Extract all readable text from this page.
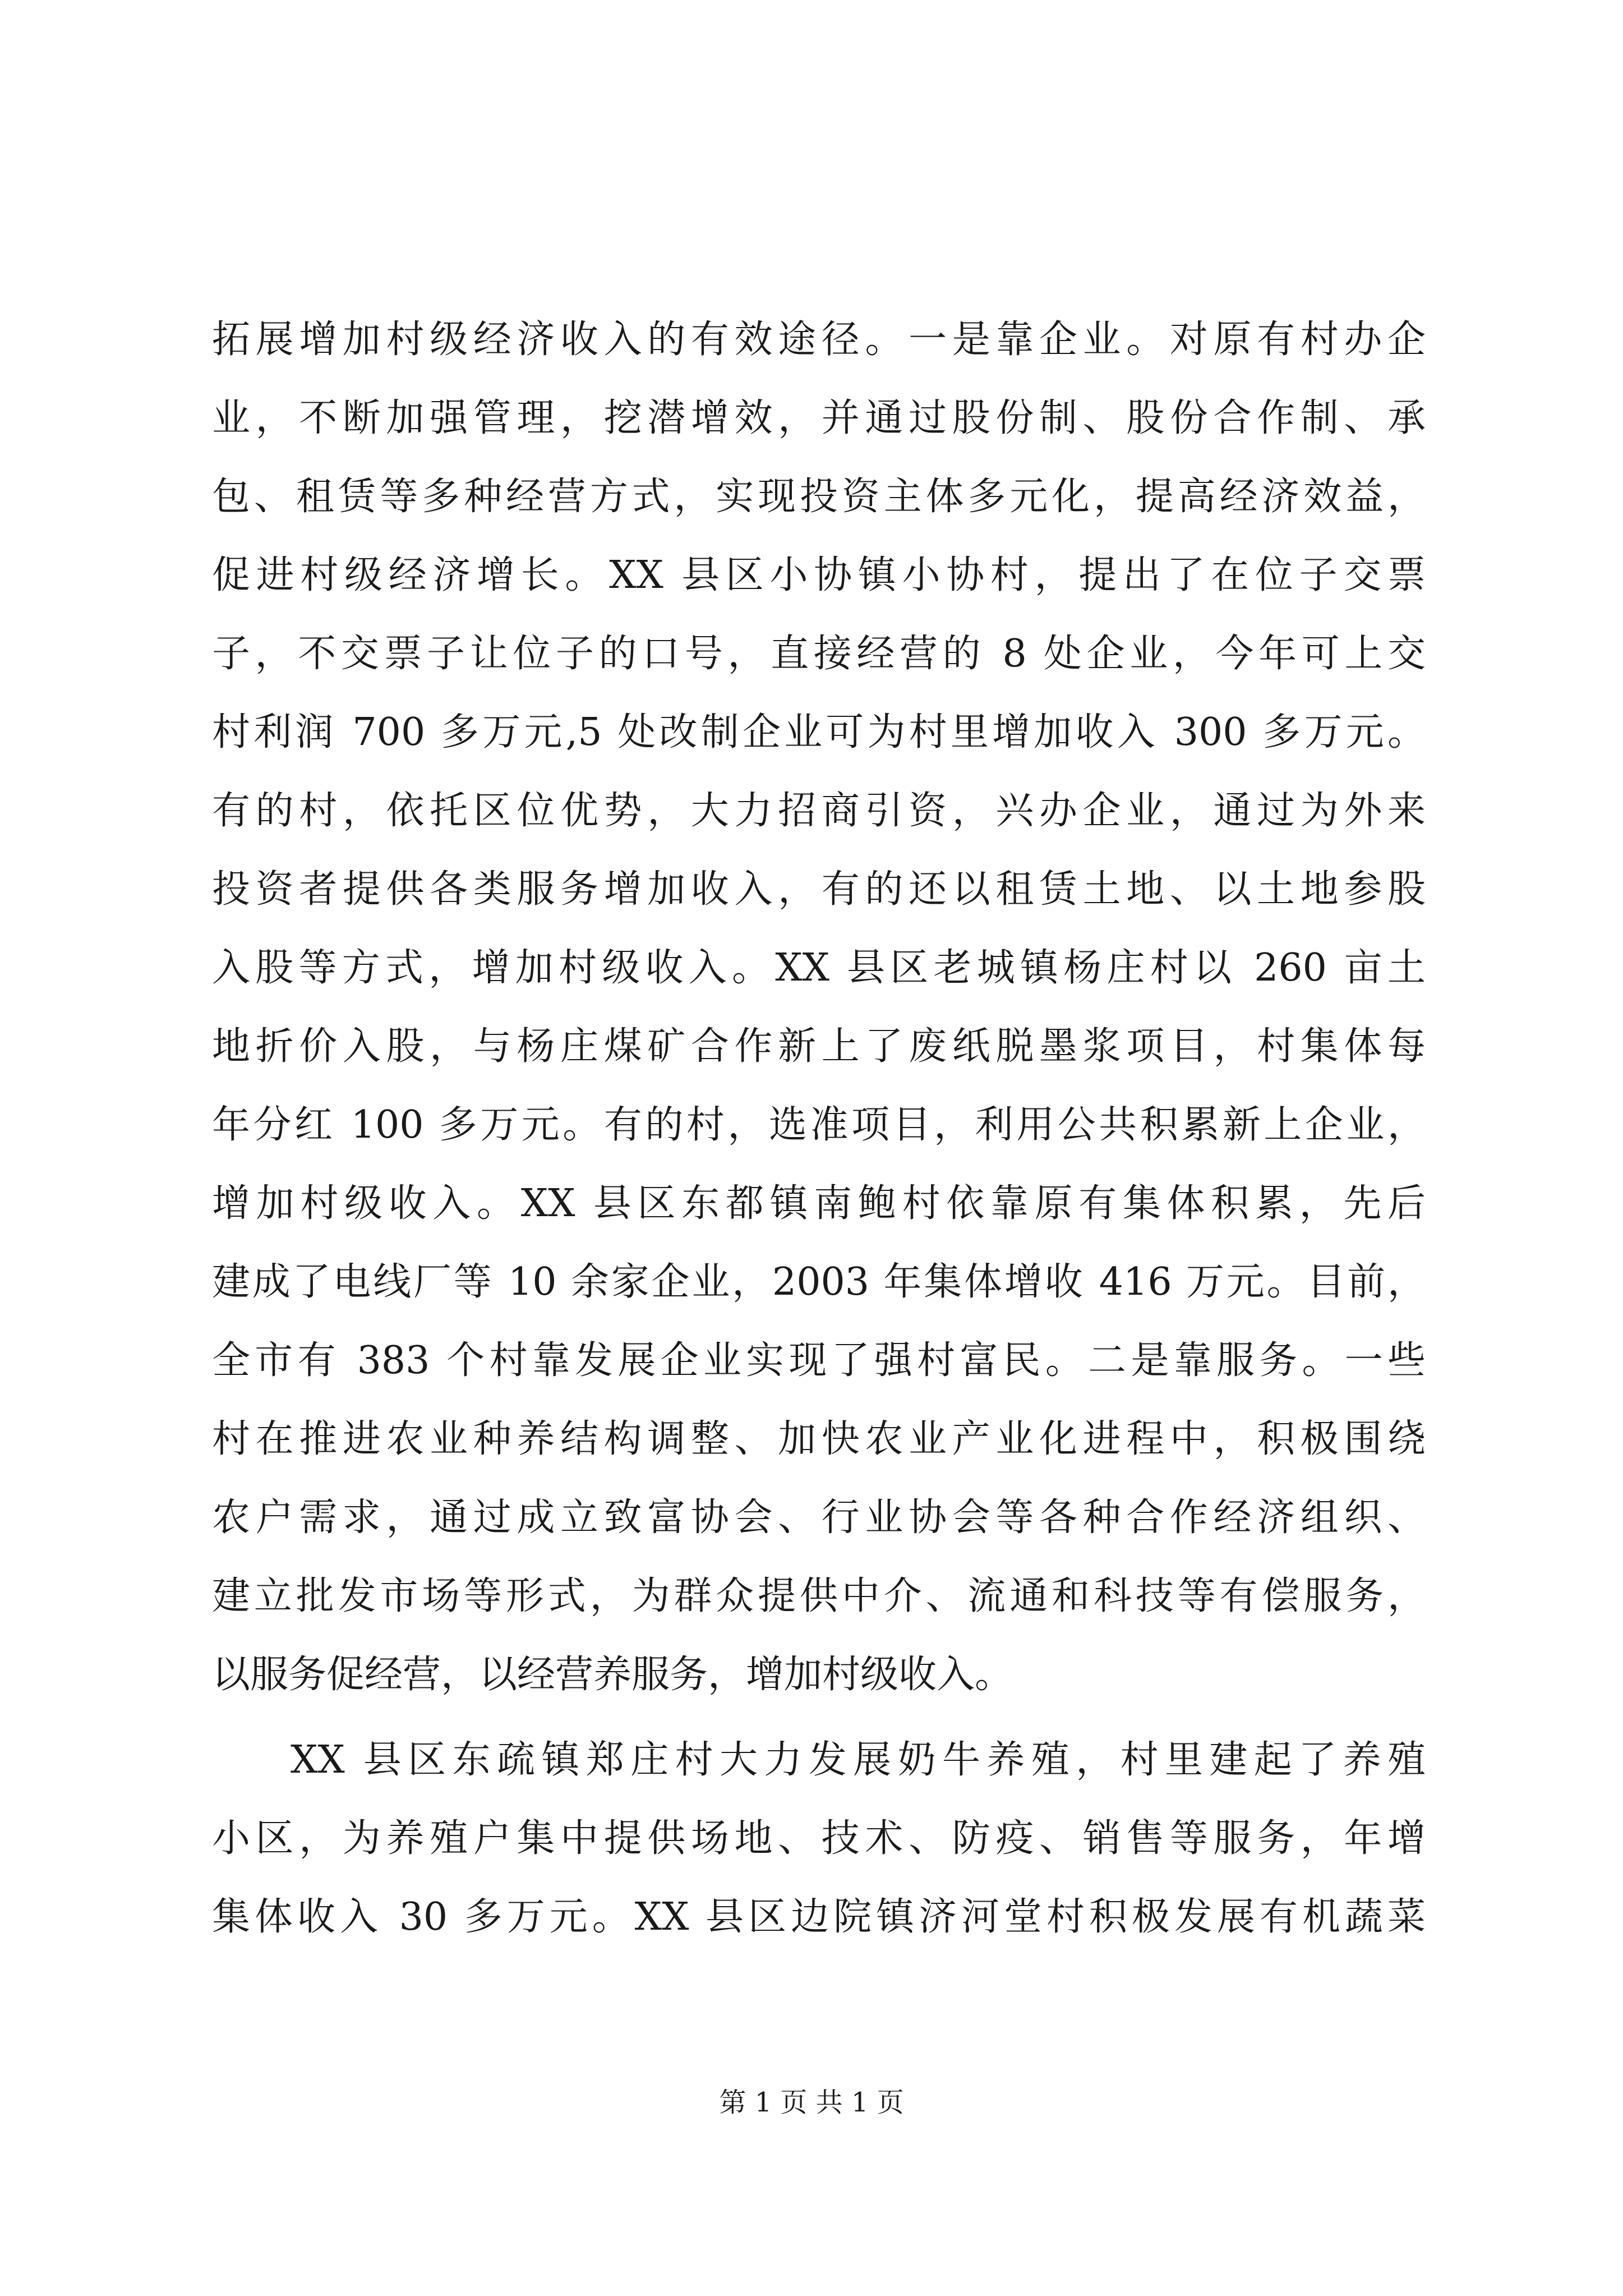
拓展增加村级经济收入的有效途径。一是靠企业。对原有村办企
业，不断加强管理，挖潜增效，并通过股份制、股份合作制、承
包、租赁等多种经营方式，实现投资主体多元化，提高经济效益，
促进村级经济增长。XX 县区小协镇小协村，提出了在位子交票
子，不交票子让位子的口号，直接经营的 8 处企业，今年可上交
村利润 700 多万元,5 处改制企业可为村里增加收入 300 多万元。
有的村，依托区位优势，大力招商引资，兴办企业，通过为外来
投资者提供各类服务增加收入，有的还以租赁土地、以土地参股
入股等方式，增加村级收入。XX 县区老城镇杨庄村以 260 亩土
地折价入股，与杨庄煤矿合作新上了废纸脱墨浆项目，村集体每
年分红 100 多万元。有的村，选准项目，利用公共积累新上企业，
增加村级收入。XX 县区东都镇南鲍村依靠原有集体积累，先后
建成了电线厂等 10 余家企业，2003 年集体增收 416 万元。目前，
全市有 383 个村靠发展企业实现了强村富民。二是靠服务。一些
村在推进农业种养结构调整、加快农业产业化进程中，积极围绕
农户需求，通过成立致富协会、行业协会等各种合作经济组织、
建立批发市场等形式，为群众提供中介、流通和科技等有偿服务，
以服务促经营，以经营养服务，增加村级收入。
XX 县区东疏镇郑庄村大力发展奶牛养殖，村里建起了养殖
小区，为养殖户集中提供场地、技术、防疫、销售等服务，年增
集体收入 30 多万元。XX 县区边院镇济河堂村积极发展有机蔬菜
第 1 页 共 1 页
